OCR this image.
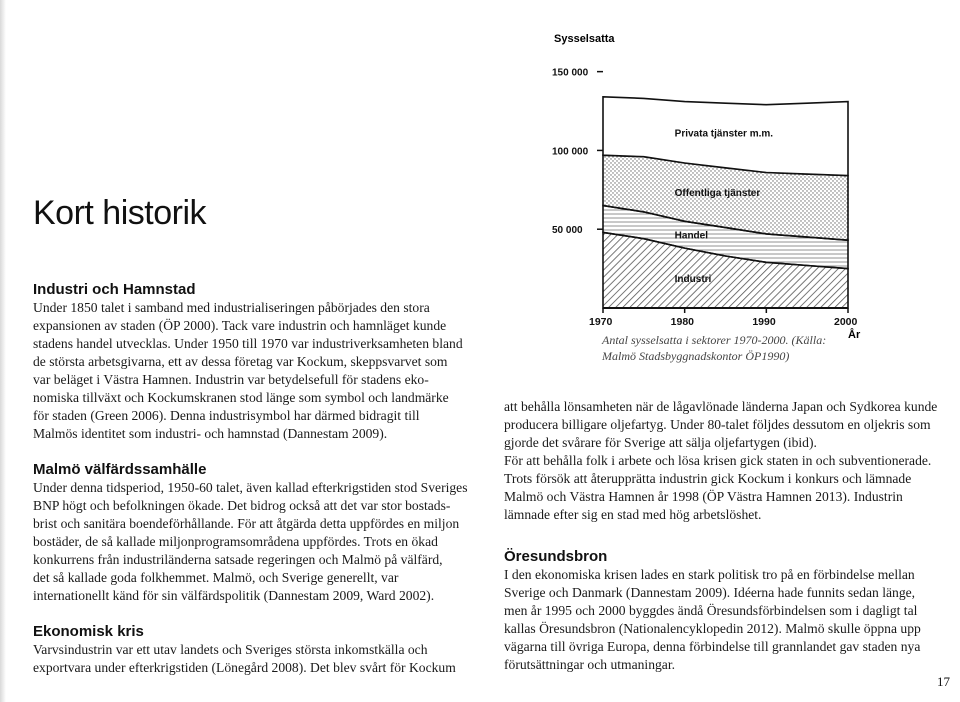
Kort historik
Industri och Hamnstad

Under 1850 talet i samband med industrialiseringen påbörjades den stora
expansionen av staden (ÖP 2000). Tack vare industrin och hamnläget kunde
stadens handel utvecklas. Under 1950 till 1970 var industriverksamheten bland
de största arbetsgivarna, ett av dessa företag var Kockum, skeppsvarvet som
var beläget i Västra Hamnen. Industrin var betydelsefull för stadens eko-
nomiska tillväxt och Kockumskranen stod länge som symbol och landmärke
för staden (Green 2006). Denna industrisymbol har därmed bidragit till
Malmös identitet som industri- och hamnstad (Dannestam 2009).

Malmö välfärdssamhälle

Under denna tidsperiod, 1950-60 talet, även kallad efterkrigstiden stod Sveriges
BNP högt och befolkningen ökade. Det bidrog också att det var stor bostads-
brist och sanitära boendeförhållande. För att åtgärda detta uppfördes en miljon
bostäder, de så kallade miljonprogramsområdena uppfördes. Trots en ökad
konkurrens från industriländerna satsade regeringen och Malmö på välfärd,
det så kallade goda folkhemmet. Malmö, och Sverige generellt, var
internationellt känd för sin välfärdspolitik (Dannestam 2009, Ward 2002).

Ekonomisk kris

Varvsindustrin var ett utav landets och Sveriges största inkomstkälla och
exportvara under efterkrigstiden (Lönegård 2008). Det blev svårt för Kockum

Sysselsatta
År
Industri
Handel
Offentliga tjänster
Privata tjänster m.m.
50 000
100 000
150 000
1970	1980	1990	2000
Antal sysselsatta i sektorer 1970-2000. (Källa:
Malmö Stadsbyggnadskontor ÖP1990)

att behålla lönsamheten när de lågavlönade länderna Japan och Sydkorea kunde
producera billigare oljefartyg. Under 80-talet följdes dessutom en oljekris som
gjorde det svårare för Sverige att sälja oljefartygen (ibid).
För att behålla folk i arbete och lösa krisen gick staten in och subventionerade.
Trots försök att återupprätta industrin gick Kockum i konkurs och lämnade
Malmö och Västra Hamnen år 1998 (ÖP Västra Hamnen 2013). Industrin
lämnade efter sig en stad med hög arbetslöshet.

Öresundsbron

I den ekonomiska krisen lades en stark politisk tro på en förbindelse mellan
Sverige och Danmark (Dannestam 2009). Idéerna hade funnits sedan länge,
men år 1995 och 2000 byggdes ändå Öresundsförbindelsen som i dagligt tal
kallas Öresundsbron (Nationalencyklopedin 2012). Malmö skulle öppna upp
vägarna till övriga Europa, denna förbindelse till grannlandet gav staden nya
förutsättningar och utmaningar.

17
